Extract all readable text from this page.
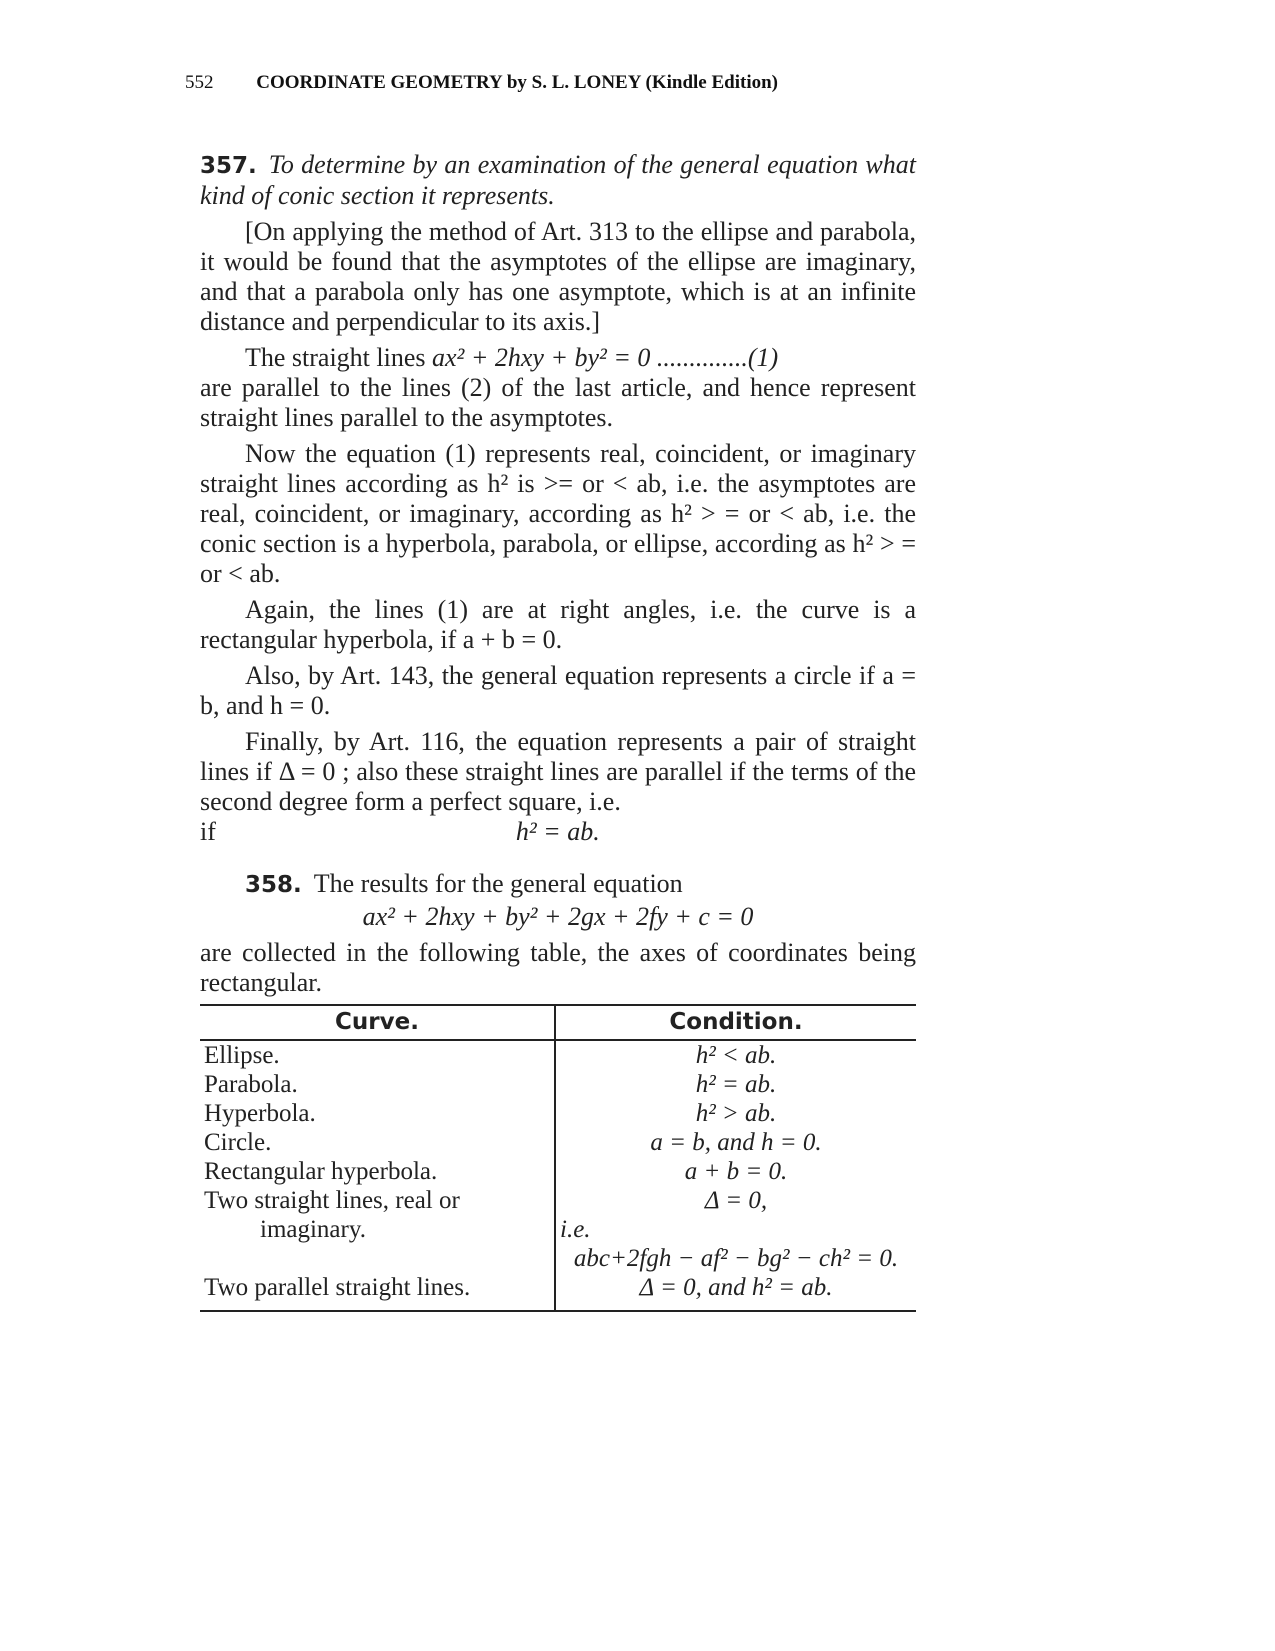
552 COORDINATE GEOMETRY by S. L. LONEY (Kindle Edition)

357. To determine by an examination of the general equation what kind of conic section it represents.

[On applying the method of Art. 313 to the ellipse and parabola, it would be found that the asymptotes of the ellipse are imaginary, and that a parabola only has one asymptote, which is at an infinite distance and perpendicular to its axis.]

The straight lines ax² + 2hxy + by² = 0 ..............(1)

are parallel to the lines (2) of the last article, and hence represent straight lines parallel to the asymptotes.

Now the equation (1) represents real, coincident, or imaginary straight lines according as h² is >= or < ab, i.e. the asymptotes are real, coincident, or imaginary, according as h² > = or < ab, i.e. the conic section is a hyperbola, parabola, or ellipse, according as h² > = or < ab.

Again, the lines (1) are at right angles, i.e. the curve is a rectangular hyperbola, if a + b = 0.

Also, by Art. 143, the general equation represents a circle if a = b, and h = 0.

Finally, by Art. 116, the equation represents a pair of straight lines if Δ = 0 ; also these straight lines are parallel if the terms of the second degree form a perfect square, i.e.

if	h² = ab.

358. The results for the general equation

ax² + 2hxy + by² + 2gx + 2fy + c = 0

are collected in the following table, the axes of coordinates being rectangular.

Curve.	Condition.
Ellipse.	h² < ab.
Parabola.	h² = ab.
Hyperbola.	h² > ab.
Circle.	a = b, and h = 0.
Rectangular hyperbola.	a + b = 0.
Two straight lines, real or
imaginary.	Δ = 0,
i.e.
abc+2fgh − af² − bg² − ch² = 0.

Two parallel straight lines.	Δ = 0, and h² = ab.
